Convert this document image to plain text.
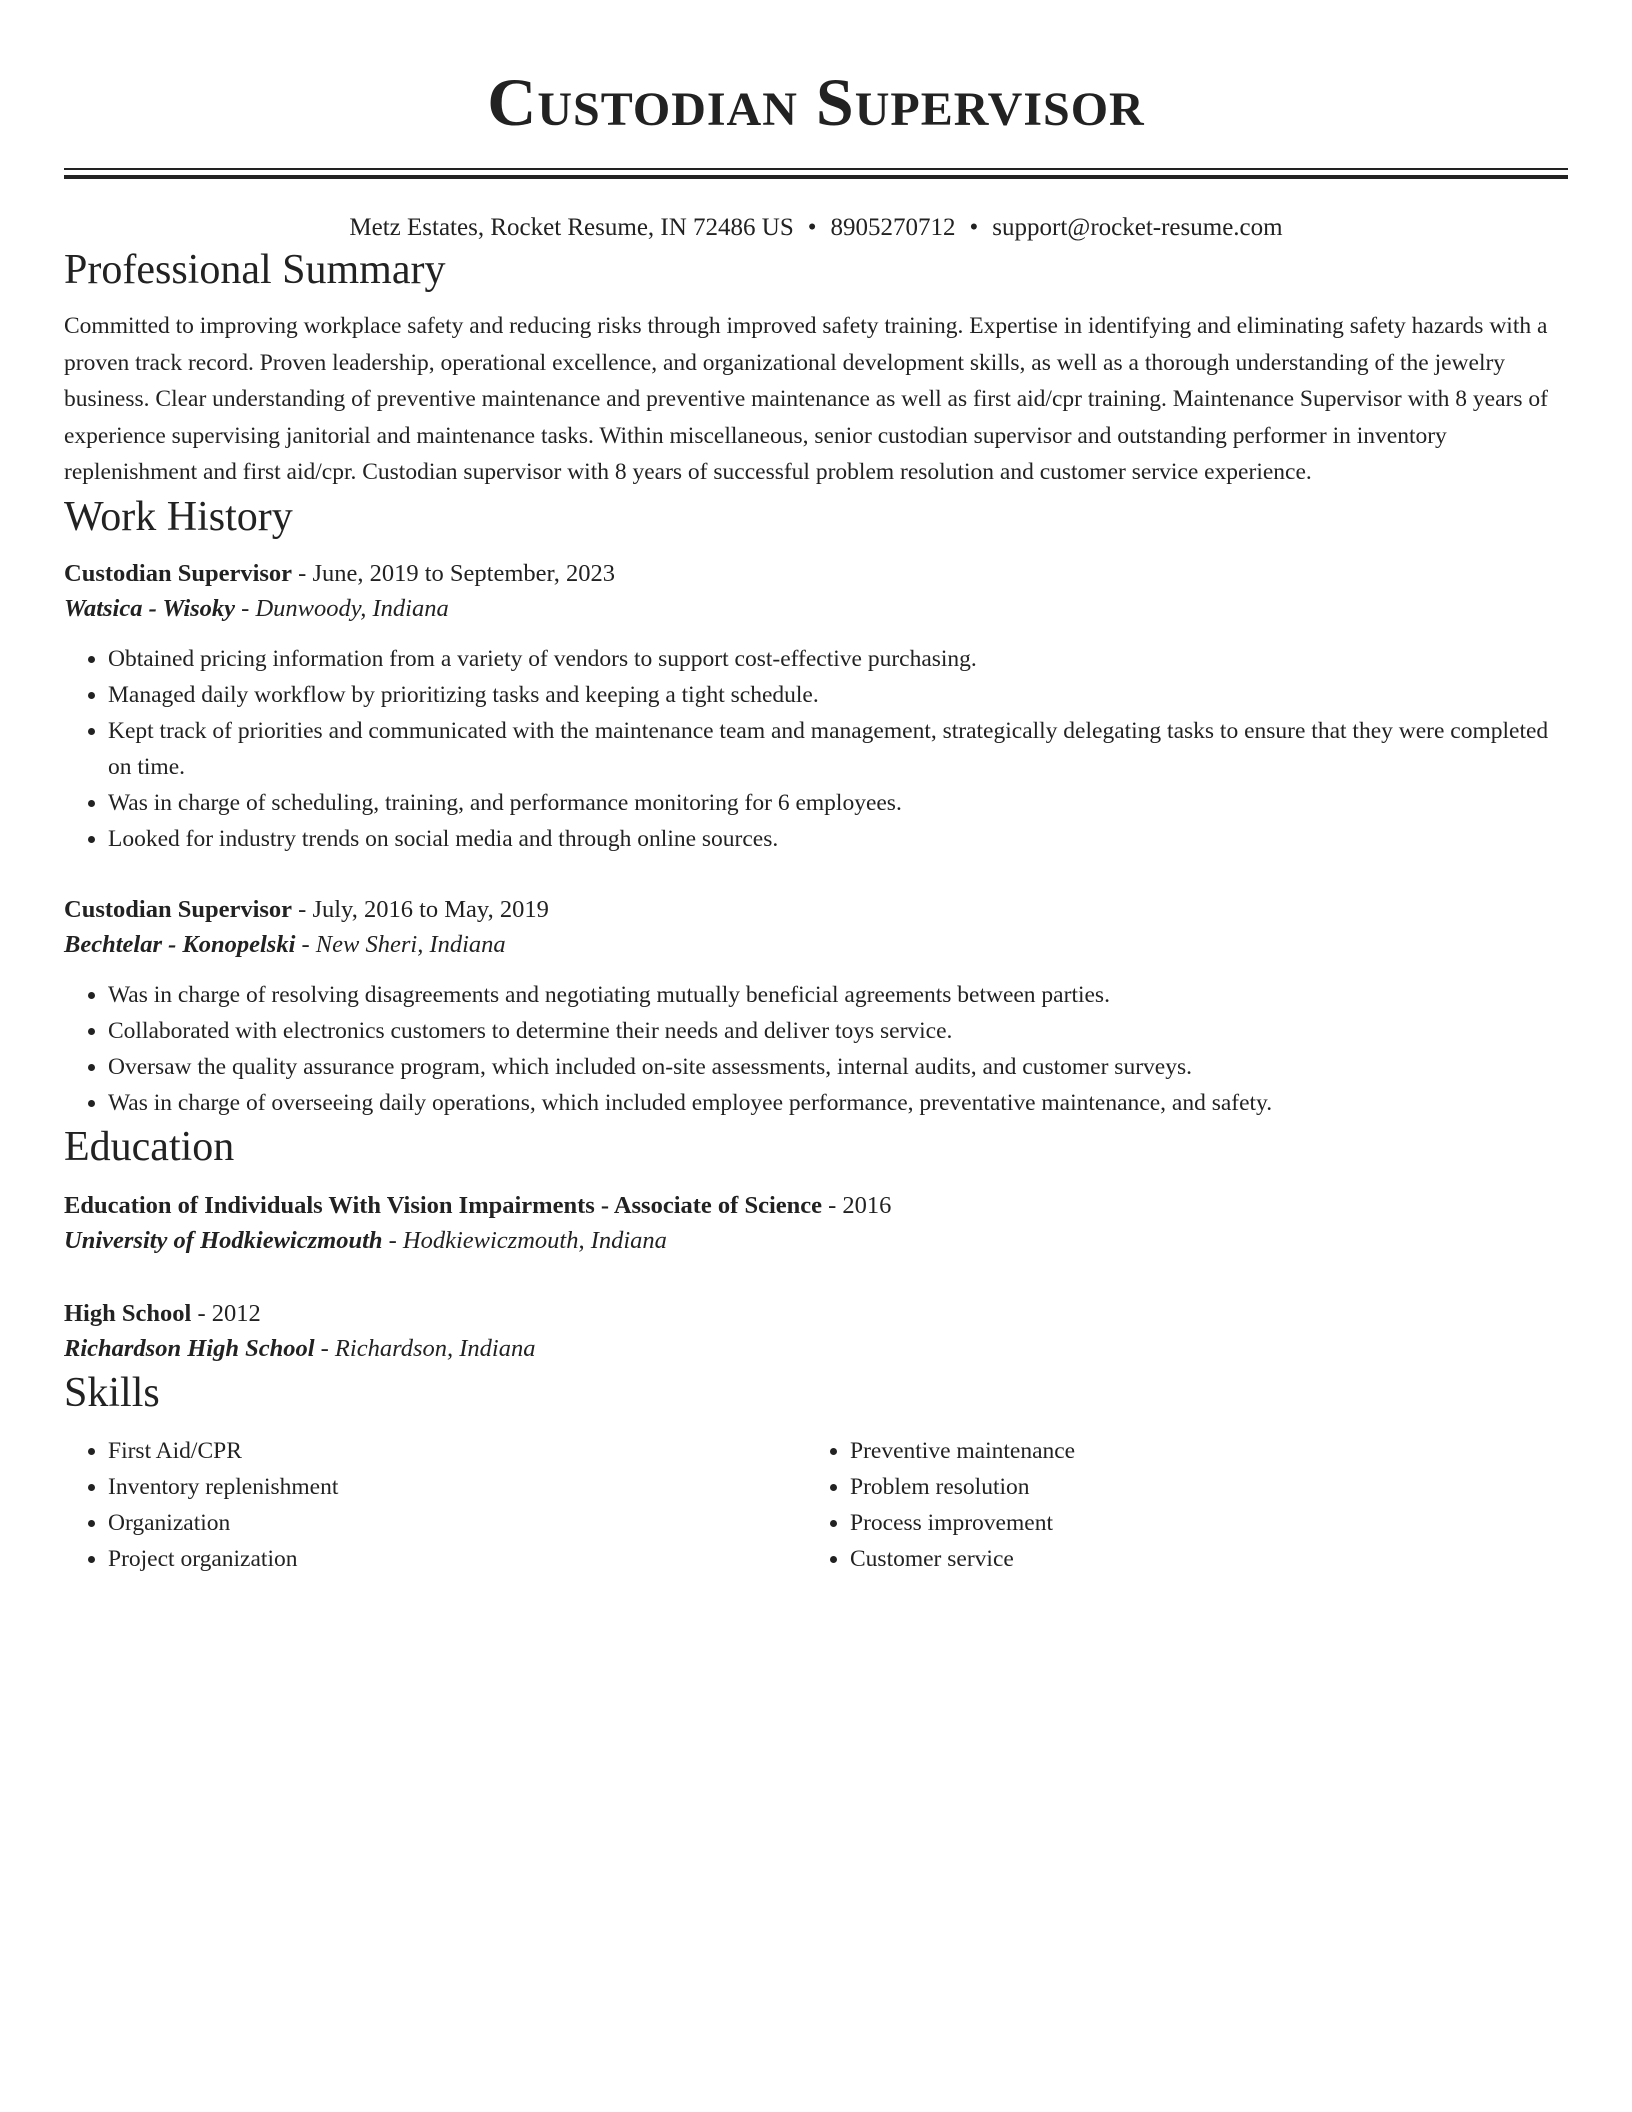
Custodian Supervisor
Metz Estates, Rocket Resume, IN 72486 US • 8905270712 • support@rocket-resume.com
Professional Summary
Committed to improving workplace safety and reducing risks through improved safety training. Expertise in identifying and eliminating safety hazards with a proven track record. Proven leadership, operational excellence, and organizational development skills, as well as a thorough understanding of the jewelry business. Clear understanding of preventive maintenance and preventive maintenance as well as first aid/cpr training. Maintenance Supervisor with 8 years of experience supervising janitorial and maintenance tasks. Within miscellaneous, senior custodian supervisor and outstanding performer in inventory replenishment and first aid/cpr. Custodian supervisor with 8 years of successful problem resolution and customer service experience.
Work History
Custodian Supervisor - June, 2019 to September, 2023
Watsica - Wisoky - Dunwoody, Indiana
• Obtained pricing information from a variety of vendors to support cost-effective purchasing.
• Managed daily workflow by prioritizing tasks and keeping a tight schedule.
• Kept track of priorities and communicated with the maintenance team and management, strategically delegating tasks to ensure that they were completed on time.
• Was in charge of scheduling, training, and performance monitoring for 6 employees.
• Looked for industry trends on social media and through online sources.
Custodian Supervisor - July, 2016 to May, 2019
Bechtelar - Konopelski - New Sheri, Indiana
• Was in charge of resolving disagreements and negotiating mutually beneficial agreements between parties.
• Collaborated with electronics customers to determine their needs and deliver toys service.
• Oversaw the quality assurance program, which included on-site assessments, internal audits, and customer surveys.
• Was in charge of overseeing daily operations, which included employee performance, preventative maintenance, and safety.
Education
Education of Individuals With Vision Impairments - Associate of Science - 2016
University of Hodkiewiczmouth - Hodkiewiczmouth, Indiana
High School - 2012
Richardson High School - Richardson, Indiana
Skills
• First Aid/CPR
• Inventory replenishment
• Organization
• Project organization
• Preventive maintenance
• Problem resolution
• Process improvement
• Customer service
